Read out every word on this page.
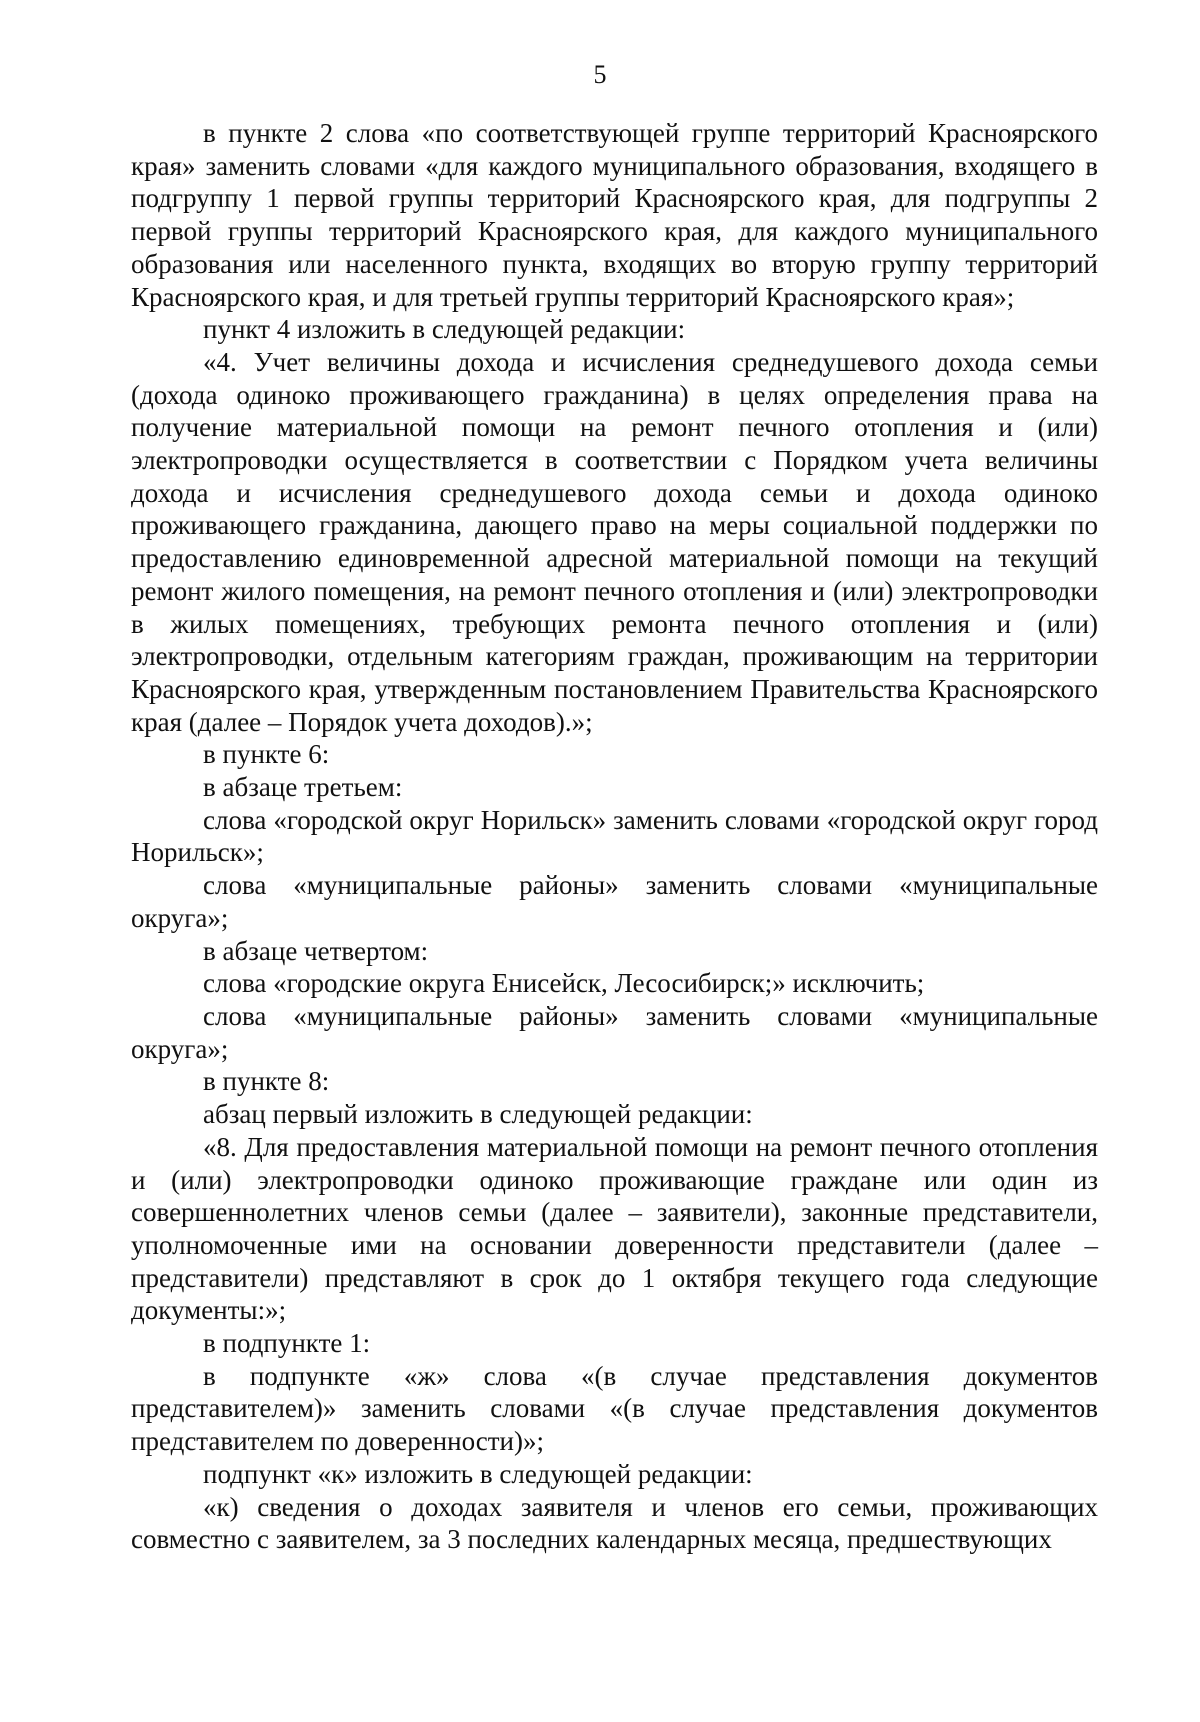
5

в пункте 2 слова «по соответствующей группе территорий Красноярского края» заменить словами «для каждого муниципального образования, входящего в подгруппу 1 первой группы территорий Красноярского края, для подгруппы 2 первой группы территорий Красноярского края, для каждого муниципального образования или населенного пункта, входящих во вторую группу территорий Красноярского края, и для третьей группы территорий Красноярского края»;

пункт 4 изложить в следующей редакции:

«4. Учет величины дохода и исчисления среднедушевого дохода семьи (дохода одиноко проживающего гражданина) в целях определения права на получение материальной помощи на ремонт печного отопления и (или) электропроводки осуществляется в соответствии с Порядком учета величины дохода и исчисления среднедушевого дохода семьи и дохода одиноко проживающего гражданина, дающего право на меры социальной поддержки по предоставлению единовременной адресной материальной помощи на текущий ремонт жилого помещения, на ремонт печного отопления и (или) электропроводки в жилых помещениях, требующих ремонта печного отопления и (или) электропроводки, отдельным категориям граждан, проживающим на территории Красноярского края, утвержденным постановлением Правительства Красноярского края (далее – Порядок учета доходов).»;

в пункте 6:

в абзаце третьем:

слова «городской округ Норильск» заменить словами «городской округ город Норильск»;

слова «муниципальные районы» заменить словами «муниципальные округа»;

в абзаце четвертом:

слова «городские округа Енисейск, Лесосибирск;» исключить;

слова «муниципальные районы» заменить словами «муниципальные округа»;

в пункте 8:

абзац первый изложить в следующей редакции:

«8. Для предоставления материальной помощи на ремонт печного отопления и (или) электропроводки одиноко проживающие граждане или один из совершеннолетних членов семьи (далее – заявители), законные представители, уполномоченные ими на основании доверенности представители (далее – представители) представляют в срок до 1 октября текущего года следующие документы:»;

в подпункте 1:

в подпункте «ж» слова «(в случае представления документов представителем)» заменить словами «(в случае представления документов представителем по доверенности)»;

подпункт «к» изложить в следующей редакции:

«к) сведения о доходах заявителя и членов его семьи, проживающих совместно с заявителем, за 3 последних календарных месяца, предшествующих
